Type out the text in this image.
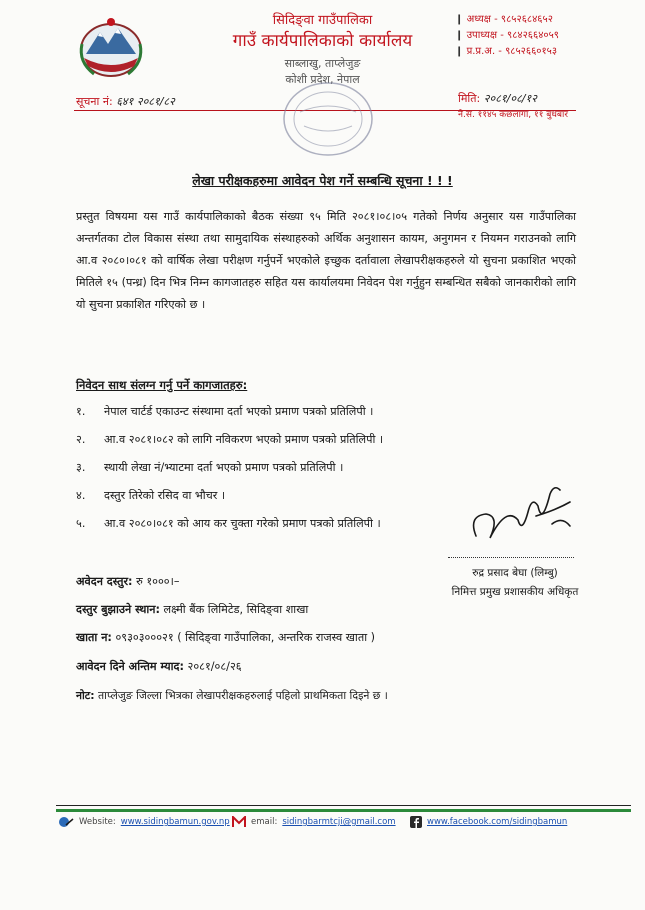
सिदिङ्वा गाउँपालिका
गाउँ कार्यपालिकाको कार्यालय
साब्लाखु, ताप्लेजुङ
कोशी प्रदेश, नेपाल
❙ अध्यक्ष - ९८५२६८४६५२
❙ उपाध्यक्ष - ९८४२६६४०५९
❙ प्र.प्र.अ. - ९८५२६६०१५३
सूचना नं: ६४१ २०८१/८२	मिति: २०८१/०८/१२
ने.स. ११४५ कछलागा, ११ बुधबार
लेखा परीक्षकहरुमा आवेदन पेश गर्ने सम्बन्धि सूचना ! ! !
प्रस्तुत विषयमा यस गाउँ कार्यपालिकाको बैठक संख्या ९५ मिति २०८१।०८।०५ गतेको निर्णय अनुसार यस गाउँपालिका अन्तर्गतका टोल विकास संस्था तथा सामुदायिक संस्थाहरुको अर्थिक अनुशासन कायम, अनुगमन र नियमन गराउनको लागि आ.व २०८०।०८१ को वार्षिक लेखा परीक्षण गर्नुपर्ने भएकोले इच्छुक दर्तावाला लेखापरीक्षकहरुले यो सुचना प्रकाशित भएको मितिले १५ (पन्ध्र) दिन भित्र निम्न कागजातहरु सहित यस कार्यालयमा निवेदन पेश गर्नुहुन सम्बन्धित सबैको जानकारीको लागि यो सुचना प्रकाशित गरिएको छ ।
निवेदन साथ संलग्न गर्नु पर्ने कागजातहरु:
१. नेपाल चार्टर्ड एकाउन्ट संस्थामा दर्ता भएको प्रमाण पत्रको प्रतिलिपी ।
२. आ.व २०८१।०८२ को लागि नविकरण भएको प्रमाण पत्रको प्रतिलिपी ।
३. स्थायी लेखा नं/भ्याटमा दर्ता भएको प्रमाण पत्रको प्रतिलिपी ।
४. दस्तुर तिरेको रसिद वा भौचर ।
५. आ.व २०८०।०८१ को आय कर चुक्ता गरेको प्रमाण पत्रको प्रतिलिपी ।
रुद्र प्रसाद बेघा (लिम्बु)
निमित्त प्रमुख प्रशासकीय अधिकृत
अवेदन दस्तुर: रु १०००।–
दस्तुर बुझाउने स्थान: लक्ष्मी बैंक लिमिटेड, सिदिङ्वा शाखा
खाता न: ०९३०३०००२१ ( सिदिङ्वा गाउँपालिका, अन्तरिक राजस्व खाता )
आवेदन दिने अन्तिम म्याद: २०८१/०८/२६
नोट: ताप्लेजुङ जिल्ला भित्रका लेखापरीक्षकहरुलाई पहिलो प्राथमिकता दिइने छ ।
Website: www.sidingbamun.gov.np	email: sidingbarmtcji@gmail.com	www.facebook.com/sidingbamun
